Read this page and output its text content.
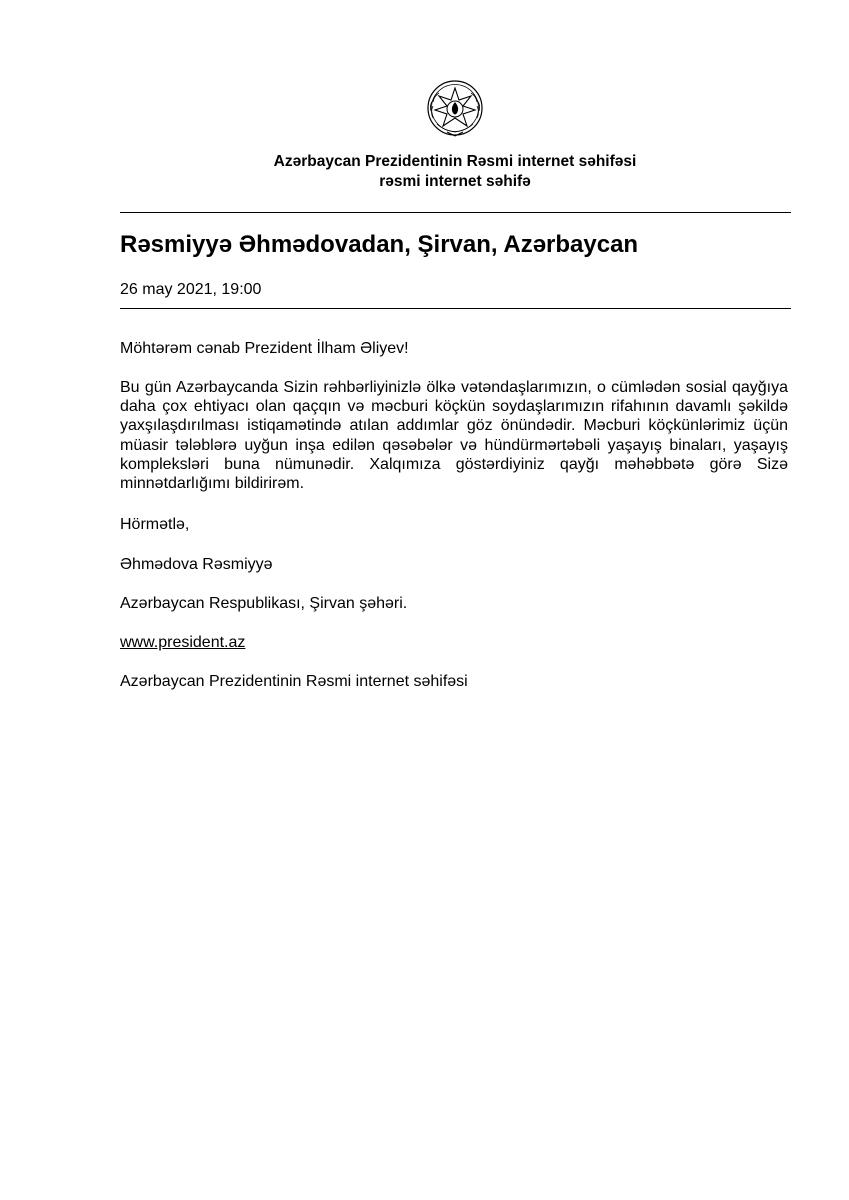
Azərbaycan Prezidentinin Rəsmi internet səhifəsi
rəsmi internet səhifə
Rəsmiyyə Əhmədovadan, Şirvan, Azərbaycan
26 may 2021, 19:00
Möhtərəm cənab Prezident İlham Əliyev!
Bu gün Azərbaycanda Sizin rəhbərliyinizlə ölkə vətəndaşlarımızın, o cümlədən sosial qayğıya daha çox ehtiyacı olan qaçqın və məcburi köçkün soydaşlarımızın rifahının davamlı şəkildə yaxşılaşdırılması istiqamətində atılan addımlar göz önündədir. Məcburi köçkünlərimiz üçün müasir tələblərə uyğun inşa edilən qəsəbələr və hündürmərtəbəli yaşayış binaları, yaşayış kompleksləri buna nümunədir. Xalqımıza göstərdiyiniz qayğı məhəbbətə görə Sizə minnətdarlığımı bildirirəm.
Hörmətlə,
Əhmədova Rəsmiyyə
Azərbaycan Respublikası, Şirvan şəhəri.
www.president.az
Azərbaycan Prezidentinin Rəsmi internet səhifəsi
